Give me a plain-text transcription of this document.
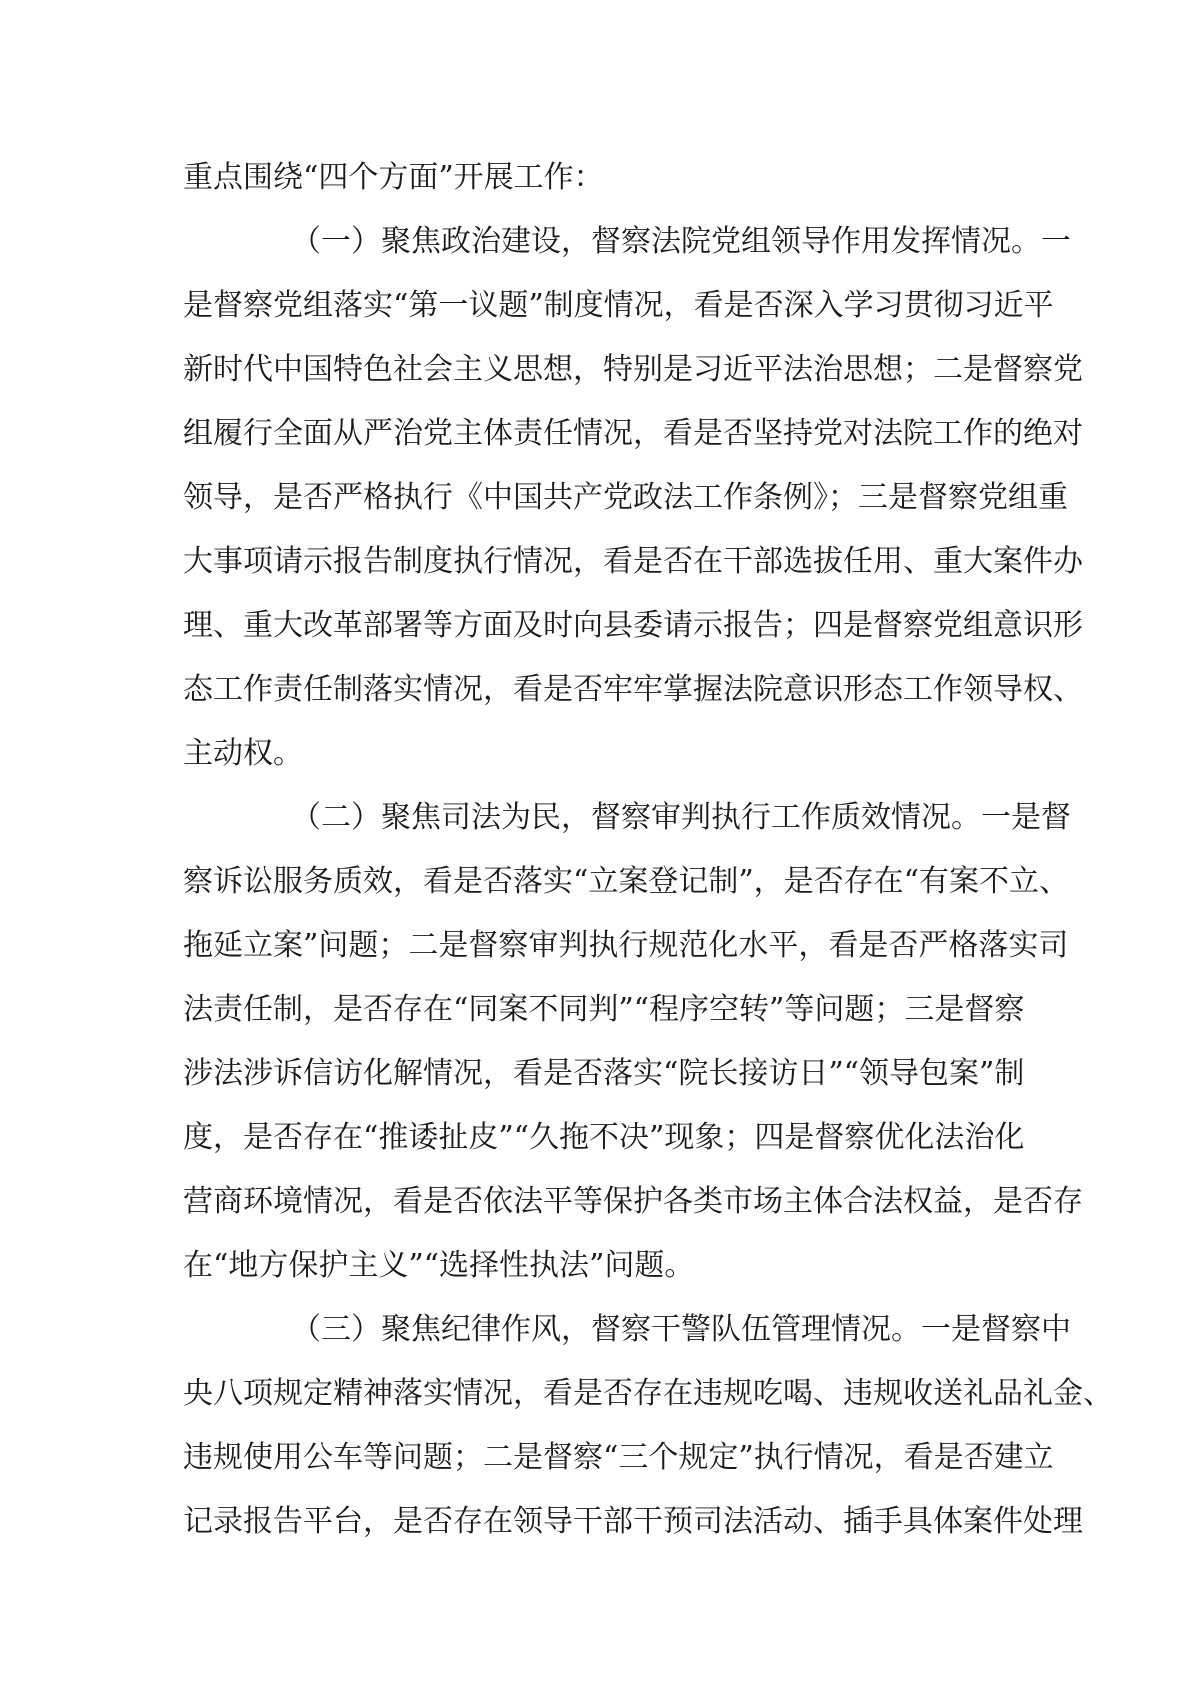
重点围绕“四个方面”开展工作：
（一）聚焦政治建设，督察法院党组领导作用发挥情况。一
是督察党组落实“第一议题”制度情况，看是否深入学习贯彻习近平
新时代中国特色社会主义思想，特别是习近平法治思想；二是督察党
组履行全面从严治党主体责任情况，看是否坚持党对法院工作的绝对
领导，是否严格执行《中国共产党政法工作条例》；三是督察党组重
大事项请示报告制度执行情况，看是否在干部选拔任用、重大案件办
理、重大改革部署等方面及时向县委请示报告；四是督察党组意识形
态工作责任制落实情况，看是否牢牢掌握法院意识形态工作领导权、
主动权。
（二）聚焦司法为民，督察审判执行工作质效情况。一是督
察诉讼服务质效，看是否落实“立案登记制”，是否存在“有案不立、
拖延立案”问题；二是督察审判执行规范化水平，看是否严格落实司
法责任制，是否存在“同案不同判”“程序空转”等问题；三是督察
涉法涉诉信访化解情况，看是否落实“院长接访日”“领导包案”制
度，是否存在“推诿扯皮”“久拖不决”现象；四是督察优化法治化
营商环境情况，看是否依法平等保护各类市场主体合法权益，是否存
在“地方保护主义”“选择性执法”问题。
（三）聚焦纪律作风，督察干警队伍管理情况。一是督察中
央八项规定精神落实情况，看是否存在违规吃喝、违规收送礼品礼金、
违规使用公车等问题；二是督察“三个规定”执行情况，看是否建立
记录报告平台，是否存在领导干部干预司法活动、插手具体案件处理
